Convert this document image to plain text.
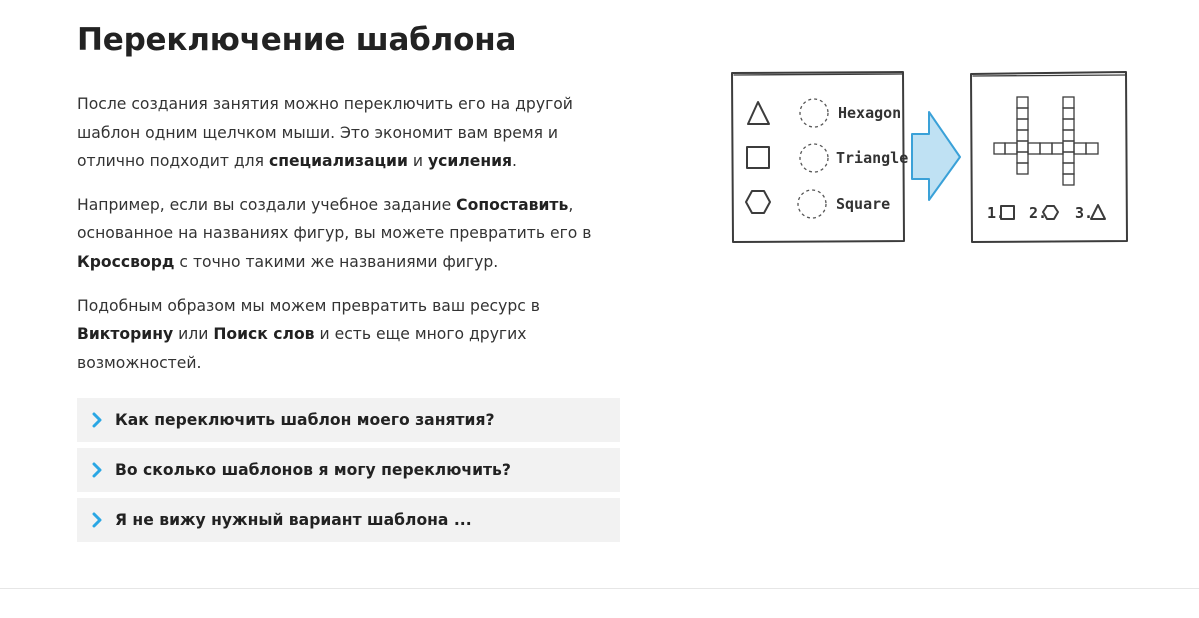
Переключение шаблона

После создания занятия можно переключить его на другой шаблон одним щелчком мыши. Это экономит вам время и отлично подходит для специализации и усиления.

Например, если вы создали учебное задание Сопоставить, основанное на названиях фигур, вы можете превратить его в Кроссворд с точно такими же названиями фигур.

Подобным образом мы можем превратить ваш ресурс в Викторину или Поиск слов и есть еще много других возможностей.

Как переключить шаблон моего занятия?
Во сколько шаблонов я могу переключить?
Я не вижу нужный вариант шаблона ...
Hexagon
Triangle
Square	1. 2. 3.
